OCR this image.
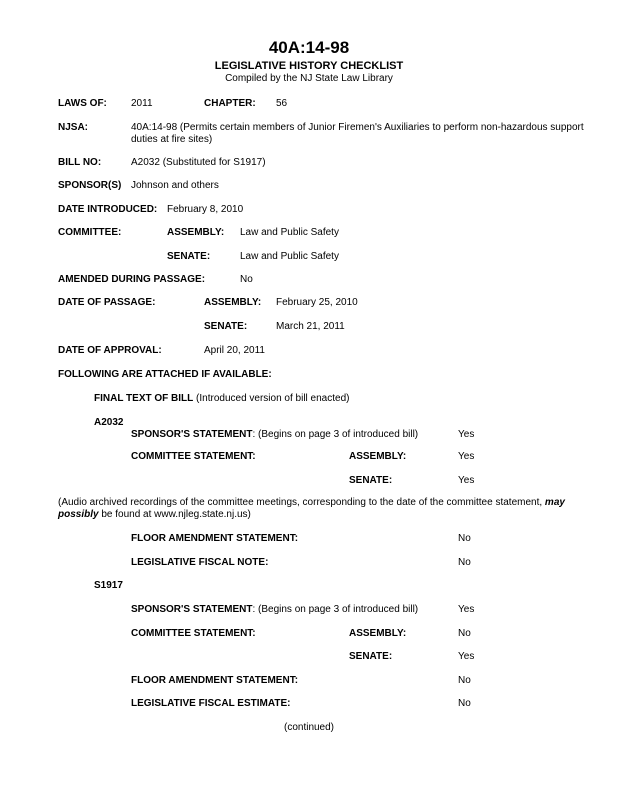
40A:14-98
LEGISLATIVE HISTORY CHECKLIST
Compiled by the NJ State Law Library
LAWS OF: 2011	CHAPTER: 56
NJSA:	40A:14-98 (Permits certain members of Junior Firemen's Auxiliaries to perform non-hazardous support duties at fire sites)
BILL NO:	A2032 (Substituted for S1917)
SPONSOR(S) Johnson and others
DATE INTRODUCED: February 8, 2010
COMMITTEE:	ASSEMBLY: Law and Public Safety
SENATE:	Law and Public Safety
AMENDED DURING PASSAGE:	No
DATE OF PASSAGE:	ASSEMBLY: February 25, 2010
SENATE:	March 21, 2011
DATE OF APPROVAL:	April 20, 2011
FOLLOWING ARE ATTACHED IF AVAILABLE:
FINAL TEXT OF BILL (Introduced version of bill enacted)
A2032
SPONSOR'S STATEMENT: (Begins on page 3 of introduced bill)	Yes
COMMITTEE STATEMENT:	ASSEMBLY:	Yes
SENATE:	Yes
(Audio archived recordings of the committee meetings, corresponding to the date of the committee statement, may possibly be found at www.njleg.state.nj.us)
FLOOR AMENDMENT STATEMENT:	No
LEGISLATIVE FISCAL NOTE:	No
S1917
SPONSOR'S STATEMENT: (Begins on page 3 of introduced bill)	Yes
COMMITTEE STATEMENT:	ASSEMBLY:	No
SENATE:	Yes
FLOOR AMENDMENT STATEMENT:	No
LEGISLATIVE FISCAL ESTIMATE:	No
(continued)
